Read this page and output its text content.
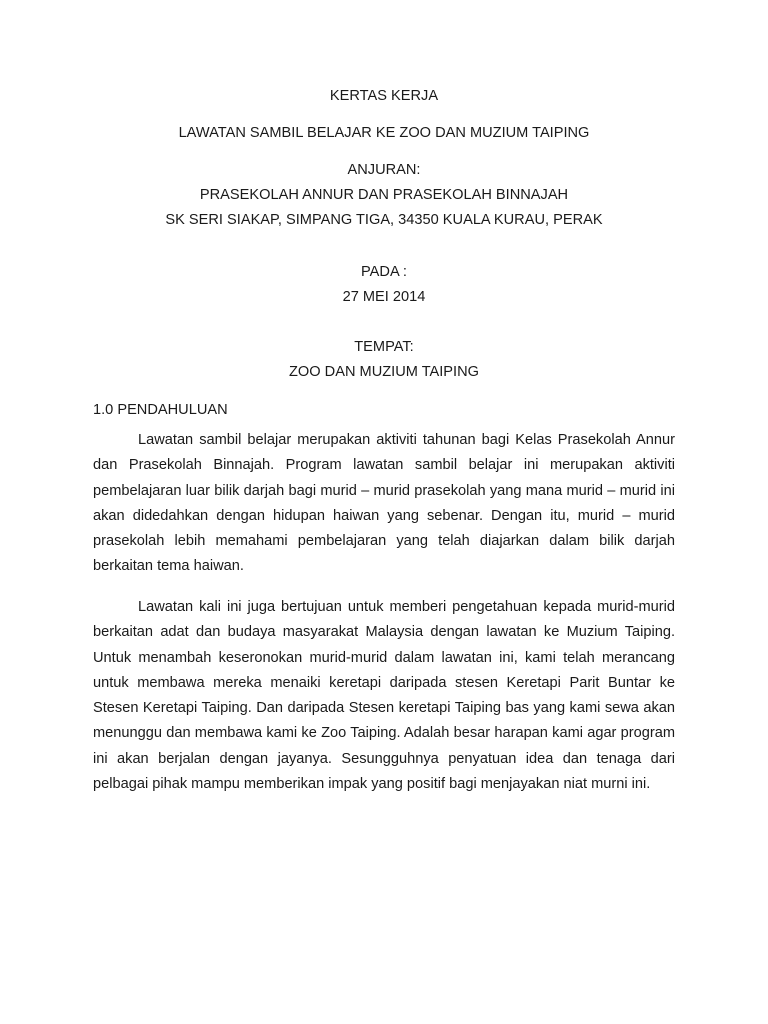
KERTAS KERJA
LAWATAN SAMBIL BELAJAR KE ZOO DAN MUZIUM TAIPING
ANJURAN:
PRASEKOLAH ANNUR DAN PRASEKOLAH BINNAJAH
SK SERI SIAKAP, SIMPANG TIGA, 34350 KUALA KURAU, PERAK
PADA :
27 MEI 2014
TEMPAT:
ZOO DAN MUZIUM TAIPING
1.0 PENDAHULUAN

Lawatan sambil belajar merupakan aktiviti tahunan bagi Kelas Prasekolah Annur dan Prasekolah Binnajah. Program lawatan sambil belajar ini merupakan aktiviti pembelajaran luar bilik darjah bagi murid – murid prasekolah yang mana murid – murid ini akan didedahkan dengan hidupan haiwan yang sebenar. Dengan itu, murid – murid prasekolah lebih memahami pembelajaran yang telah diajarkan dalam bilik darjah berkaitan tema haiwan.

Lawatan kali ini juga bertujuan untuk memberi pengetahuan kepada murid-murid berkaitan adat dan budaya masyarakat Malaysia dengan lawatan ke Muzium Taiping. Untuk menambah keseronokan murid-murid dalam lawatan ini, kami telah merancang untuk membawa mereka menaiki keretapi daripada stesen Keretapi Parit Buntar ke Stesen Keretapi Taiping. Dan daripada Stesen keretapi Taiping bas yang kami sewa akan menunggu dan membawa kami ke Zoo Taiping. Adalah besar harapan kami agar program ini akan berjalan dengan jayanya. Sesungguhnya penyatuan idea dan tenaga dari pelbagai pihak mampu memberikan impak yang positif bagi menjayakan niat murni ini.
